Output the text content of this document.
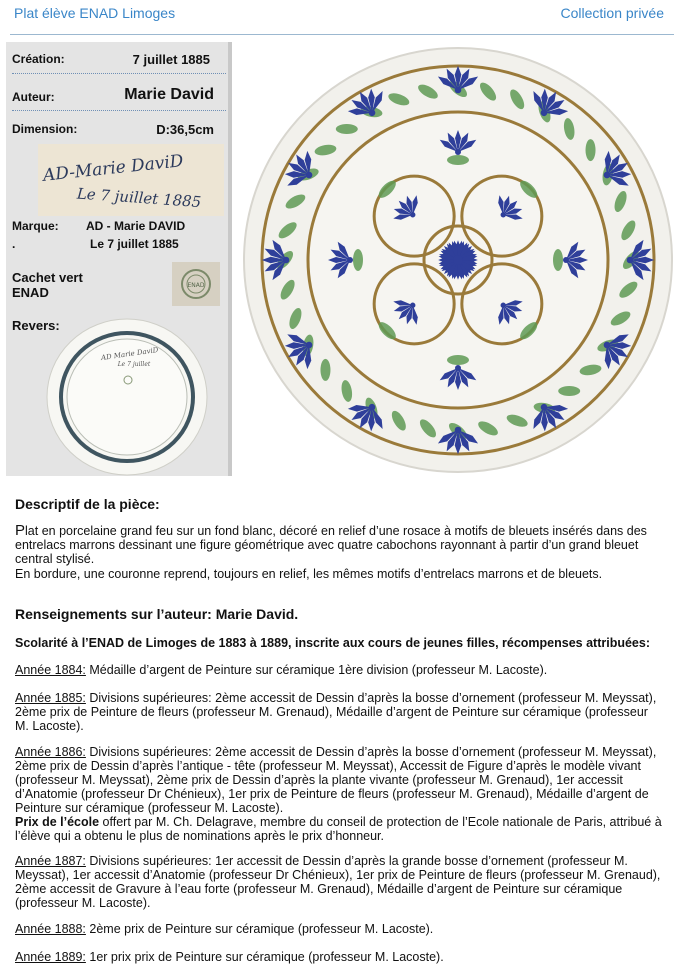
Plat élève ENAD Limoges	Collection privée
Création:	7 juillet 1885
Auteur:	Marie David
Dimension:	D:36,5cm
AD-Marie DaviD
Le 7 juillet 1885
Marque: AD - Marie DAVID
.	Le 7 juillet 1885
Cachet vert
ENAD	ENAD
Revers:
AD Marie DaviD
Le 7 juillet
Descriptif de la pièce:
Plat en porcelaine grand feu sur un fond blanc, décoré en relief d’une rosace à motifs de bleuets insérés dans des entrelacs marrons dessinant une figure géométrique avec quatre cabochons rayonnant à partir d’un grand bleuet central stylisé.
En bordure, une couronne reprend, toujours en relief, les mêmes motifs d’entrelacs marrons et de bleuets.
Renseignements sur l’auteur: Marie David.
Scolarité à l’ENAD de Limoges de 1883 à 1889, inscrite aux cours de jeunes filles, récompenses attribuées:
Année 1884: Médaille d’argent de Peinture sur céramique 1ère division (professeur M. Lacoste).
Année 1885: Divisions supérieures: 2ème accessit de Dessin d’après la bosse d’ornement (professeur M. Meyssat), 2ème prix de Peinture de fleurs (professeur M. Grenaud), Médaille d’argent de Peinture sur céramique (professeur M. Lacoste).
Année 1886: Divisions supérieures: 2ème accessit de Dessin d’après la bosse d’ornement (professeur M. Meyssat), 2ème prix de Dessin d’après l’antique - tête (professeur M. Meyssat), Accessit de Figure d’après le modèle vivant (professeur M. Meyssat), 2ème prix de Dessin d’après la plante vivante (professeur M. Grenaud), 1er accessit d’Anatomie (professeur Dr Chénieux), 1er prix de Peinture de fleurs (professeur M. Grenaud), Médaille d’argent de Peinture sur céramique (professeur M. Lacoste).
Prix de l’école offert par M. Ch. Delagrave, membre du conseil de protection de l’Ecole nationale de Paris, attribué à l’élève qui a obtenu le plus de nominations après le prix d’honneur.
Année 1887: Divisions supérieures: 1er accessit de Dessin d’après la grande bosse d’ornement (professeur M. Meyssat), 1er accessit d’Anatomie (professeur Dr Chénieux), 1er prix de Peinture de fleurs (professeur M. Grenaud), 2ème accessit de Gravure à l’eau forte (professeur M. Grenaud), Médaille d’argent de Peinture sur céramique (professeur M. Lacoste).
Année 1888: 2ème prix de Peinture sur céramique (professeur M. Lacoste).
Année 1889: 1er prix prix de Peinture sur céramique (professeur M. Lacoste).
